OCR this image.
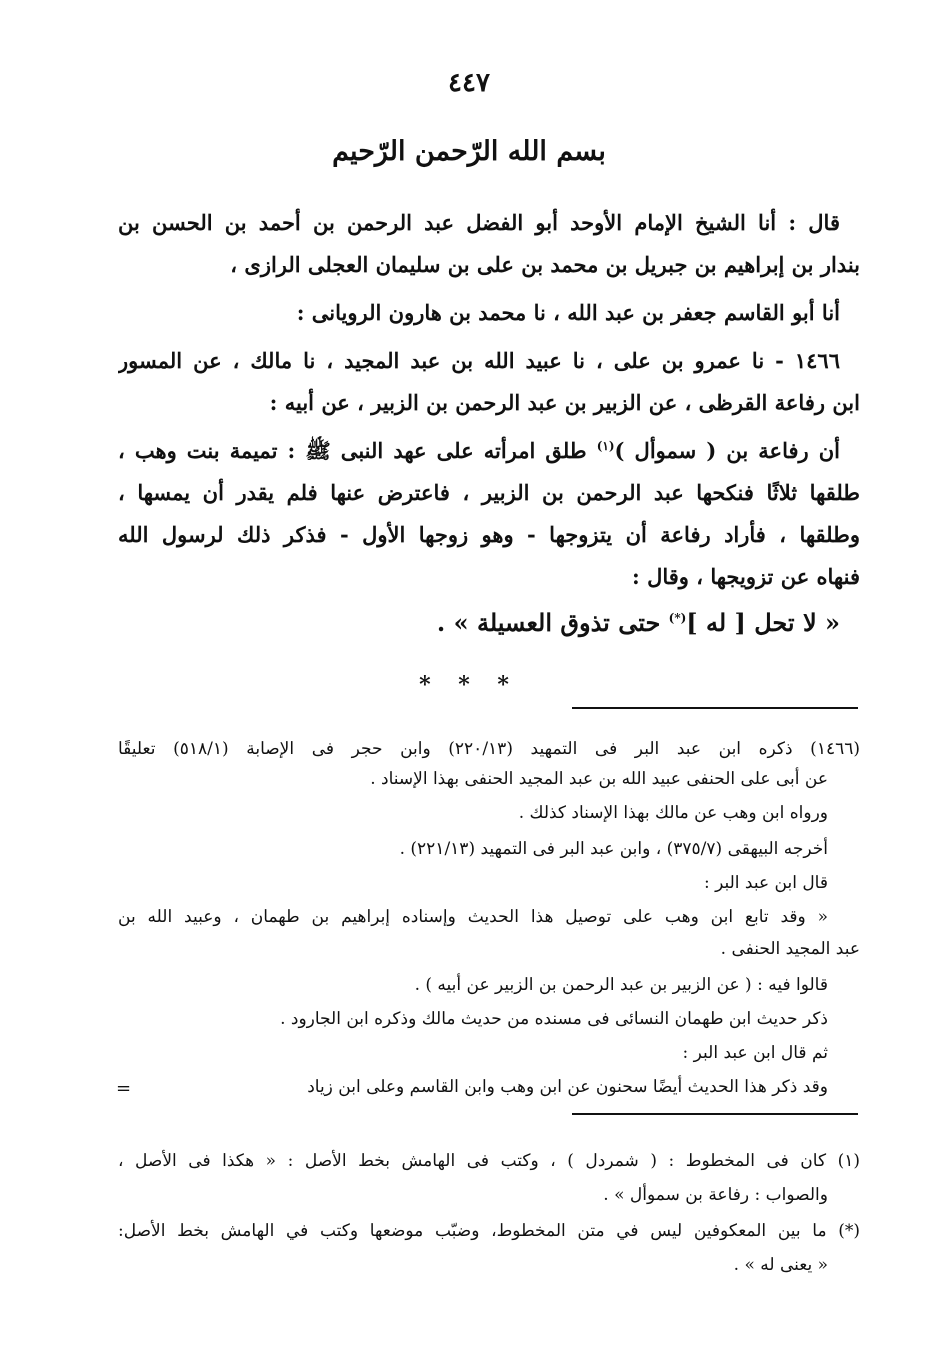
٤٤٧
بسم الله الرّحمن الرّحيم
قال : أنا الشيخ الإمام الأوحد أبو الفضل عبد الرحمن بن أحمد بن الحسن بن
بندار بن إبراهيم بن جبريل بن محمد بن على بن سليمان العجلى الرازى ،
أنا أبو القاسم جعفر بن عبد الله ، نا محمد بن هارون الرويانى :
١٤٦٦ - نا عمرو بن على ، نا عبيد الله بن عبد المجيد ، نا مالك ، عن المسور
ابن رفاعة القرظى ، عن الزبير بن عبد الرحمن بن الزبير ، عن أبيه :
أن رفاعة بن ( سموأل )$^{(١)}$ طلق امرأته على عهد النبى ﷺ : تميمة بنت وهب ،
طلقها ثلاثًا فنكحها عبد الرحمن بن الزبير ، فاعترض عنها فلم يقدر أن يمسها ،
وطلقها ، فأراد رفاعة أن يتزوجها - وهو زوجها الأول - فذكر ذلك لرسول الله
فنهاه عن تزويجها ، وقال :
« لا تحل [ له ](*) حتى تذوق العسيلة » .
* * *
(١٤٦٦) ذكره ابن عبد البر فى التمهيد (٢٢٠/١٣) وابن حجر فى الإصابة (٥١٨/١) تعليقًا
عن أبى على الحنفى عبيد الله بن عبد المجيد الحنفى بهذا الإسناد .
ورواه ابن وهب عن مالك بهذا الإسناد كذلك .
أخرجه البيهقى (٣٧٥/٧) ، وابن عبد البر فى التمهيد (٢٢١/١٣) .
قال ابن عبد البر :
« وقد تابع ابن وهب على توصيل هذا الحديث وإسناده إبراهيم بن طهمان ، وعبيد الله بن
عبد المجيد الحنفى .
قالوا فيه : ( عن الزبير بن عبد الرحمن بن الزبير عن أبيه ) .
ذكر حديث ابن طهمان النسائى فى مسنده من حديث مالك وذكره ابن الجارود .
ثم قال ابن عبد البر :
وقد ذكر هذا الحديث أيضًا سحنون عن ابن وهب وابن القاسم وعلى ابن زياد
=
(١) كان فى المخطوط : ( شمردل ) ، وكتب فى الهامش بخط الأصل : « هكذا فى الأصل ،
والصواب : رفاعة بن سموأل » .
(*) ما بين المعكوفين ليس في متن المخطوط، وضبّب موضعها وكتب في الهامش بخط الأصل:
« يعنى له » .
